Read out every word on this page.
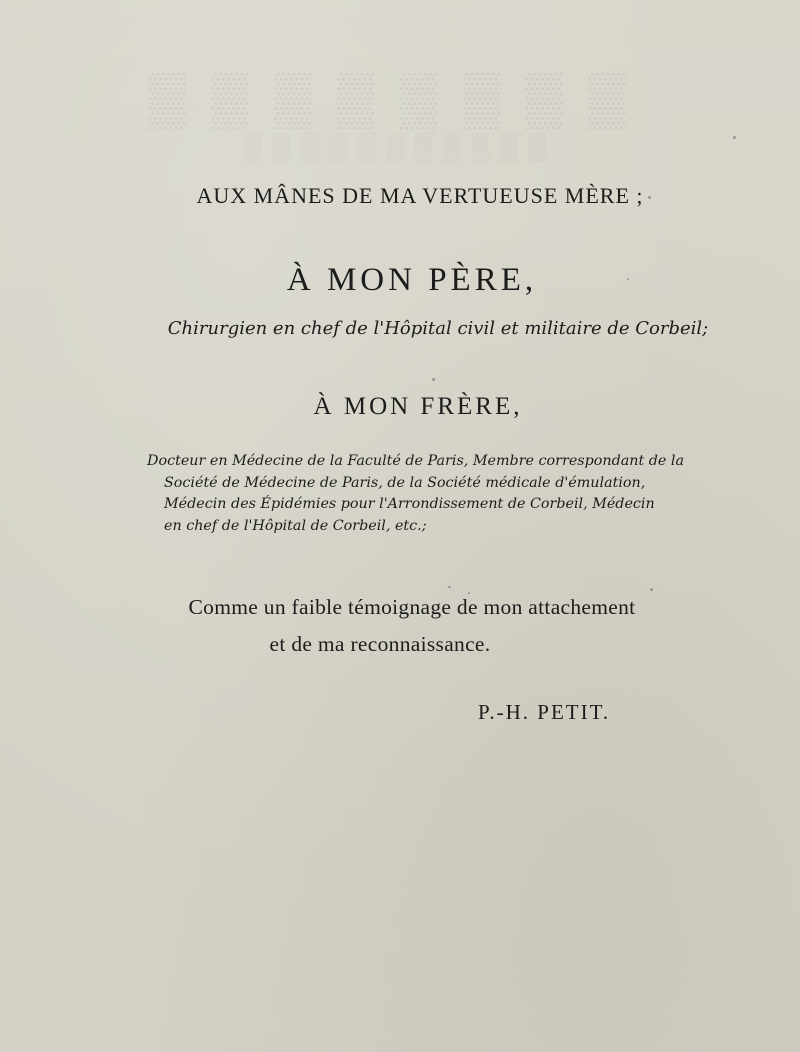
▒▒▒▒▒▒▒▒
▒▒▒▒▒▒▒▒▒▒▒
AUX MÂNES DE MA VERTUEUSE MÈRE ;
À MON PÈRE,
Chirurgien en chef de l'Hôpital civil et militaire de Corbeil;
À MON FRÈRE,
Docteur en Médecine de la Faculté de Paris, Membre correspondant de la
Société de Médecine de Paris, de la Société médicale d'émulation,
Médecin des Épidémies pour l'Arrondissement de Corbeil, Médecin
en chef de l'Hôpital de Corbeil, etc.;
Comme un faible témoignage de mon attachement
et de ma reconnaissance.
P.-H. PETIT.
